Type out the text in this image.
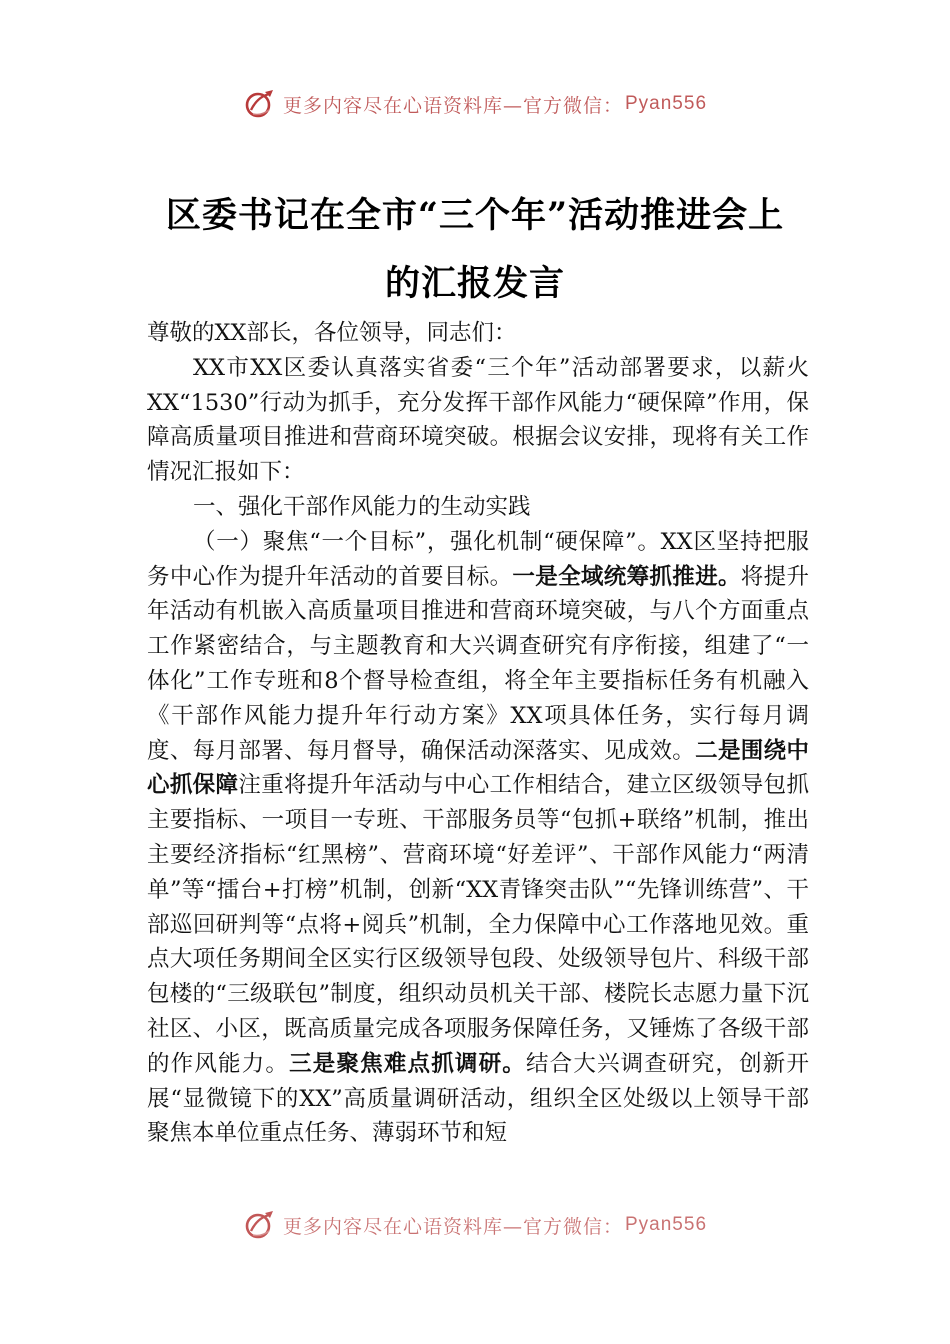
更多内容尽在心语资料库—官方微信： Pyan556
区委书记在全市“三个年”活动推进会上
的汇报发言

尊敬的XX部长，各位领导，同志们：

XX市XX区委认真落实省委“三个年”活动部署要求，以薪火XX“1530”行动为抓手，充分发挥干部作风能力“硬保障”作用，保障高质量项目推进和营商环境突破。根据会议安排，现将有关工作情况汇报如下：

一、强化干部作风能力的生动实践

（一）聚焦“一个目标”，强化机制“硬保障”。XX区坚持把服务中心作为提升年活动的首要目标。一是全域统筹抓推进。将提升年活动有机嵌入高质量项目推进和营商环境突破，与八个方面重点工作紧密结合，与主题教育和大兴调查研究有序衔接，组建了“一体化”工作专班和8个督导检查组，将全年主要指标任务有机融入《干部作风能力提升年行动方案》XX项具体任务，实行每月调度、每月部署、每月督导，确保活动深落实、见成效。二是围绕中心抓保障注重将提升年活动与中心工作相结合，建立区级领导包抓主要指标、一项目一专班、干部服务员等“包抓+联络”机制，推出主要经济指标“红黑榜”、营商环境“好差评”、干部作风能力“两清单”等“擂台+打榜”机制，创新“XX青锋突击队”“先锋训练营”、干部巡回研判等“点将+阅兵”机制，全力保障中心工作落地见效。重点大项任务期间全区实行区级领导包段、处级领导包片、科级干部包楼的“三级联包”制度，组织动员机关干部、楼院长志愿力量下沉社区、小区，既高质量完成各项服务保障任务，又锤炼了各级干部的作风能力。三是聚焦难点抓调研。结合大兴调查研究，创新开展“显微镜下的XX”高质量调研活动，组织全区处级以上领导干部聚焦本单位重点任务、薄弱环节和短

更多内容尽在心语资料库—官方微信： Pyan556
